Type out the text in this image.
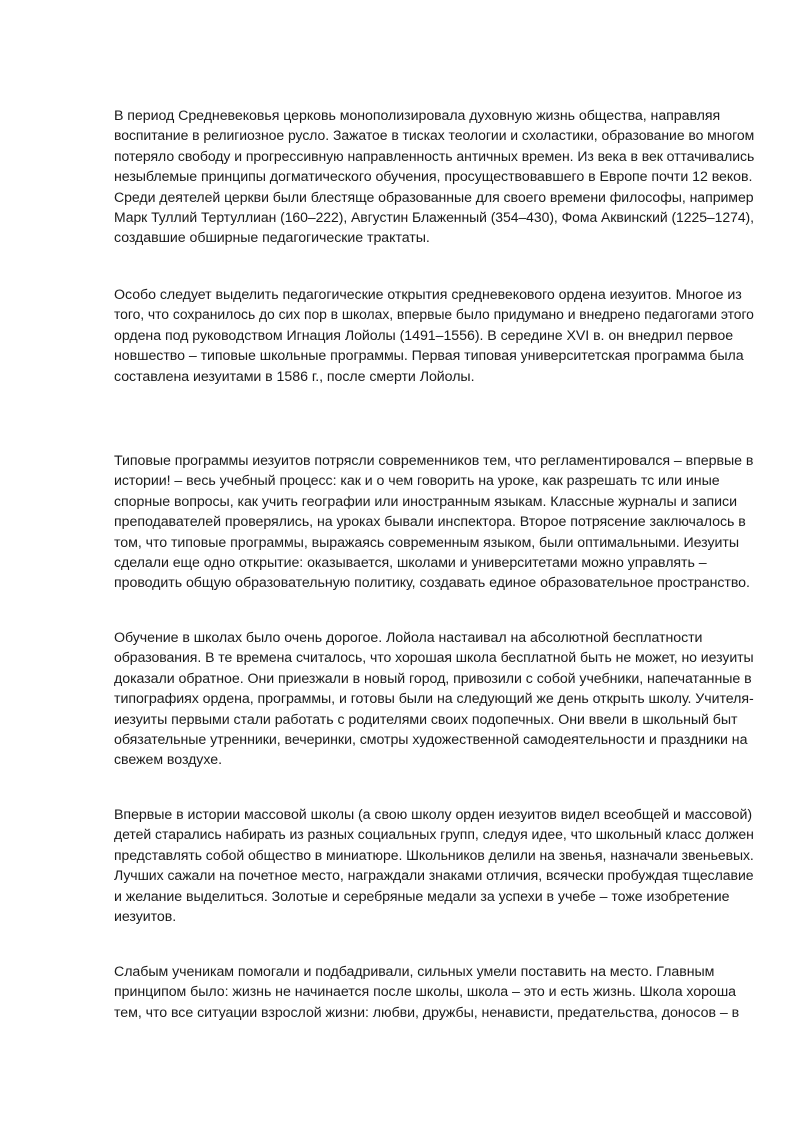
В период Средневековья церковь монополизировала духовную жизнь общества, направляя
воспитание в религиозное русло. Зажатое в тисках теологии и схоластики, образование во многом
потеряло свободу и прогрессивную направленность античных времен. Из века в век оттачивались
незыблемые принципы догматического обучения, просуществовавшего в Европе почти 12 веков.
Среди деятелей церкви были блестяще образованные для своего времени философы, например
Марк Туллий Тертуллиан (160–222), Августин Блаженный (354–430), Фома Аквинский (1225–1274),
создавшие обширные педагогические трактаты.
Особо следует выделить педагогические открытия средневекового ордена иезуитов. Многое из
того, что сохранилось до сих пор в школах, впервые было придумано и внедрено педагогами этого
ордена под руководством Игнация Лойолы (1491–1556). В середине XVI в. он внедрил первое
новшество – типовые школьные программы. Первая типовая университетская программа была
составлена иезуитами в 1586 г., после смерти Лойолы.
Типовые программы иезуитов потрясли современников тем, что регламентировался – впервые в
истории! – весь учебный процесс: как и о чем говорить на уроке, как разрешать тс или иные
спорные вопросы, как учить географии или иностранным языкам. Классные журналы и записи
преподавателей проверялись, на уроках бывали инспектора. Второе потрясение заключалось в
том, что типовые программы, выражаясь современным языком, были оптимальными. Иезуиты
сделали еще одно открытие: оказывается, школами и университетами можно управлять –
проводить общую образовательную политику, создавать единое образовательное пространство.
Обучение в школах было очень дорогое. Лойола настаивал на абсолютной бесплатности
образования. В те времена считалось, что хорошая школа бесплатной быть не может, но иезуиты
доказали обратное. Они приезжали в новый город, привозили с собой учебники, напечатанные в
типографиях ордена, программы, и готовы были на следующий же день открыть школу. Учителя-
иезуиты первыми стали работать с родителями своих подопечных. Они ввели в школьный быт
обязательные утренники, вечеринки, смотры художественной самодеятельности и праздники на
свежем воздухе.
Впервые в истории массовой школы (а свою школу орден иезуитов видел всеобщей и массовой)
детей старались набирать из разных социальных групп, следуя идее, что школьный класс должен
представлять собой общество в миниатюре. Школьников делили на звенья, назначали звеньевых.
Лучших сажали на почетное место, награждали знаками отличия, всячески пробуждая тщеславие
и желание выделиться. Золотые и серебряные медали за успехи в учебе – тоже изобретение
иезуитов.
Слабым ученикам помогали и подбадривали, сильных умели поставить на место. Главным
принципом было: жизнь не начинается после школы, школа – это и есть жизнь. Школа хороша
тем, что все ситуации взрослой жизни: любви, дружбы, ненависти, предательства, доносов – в
